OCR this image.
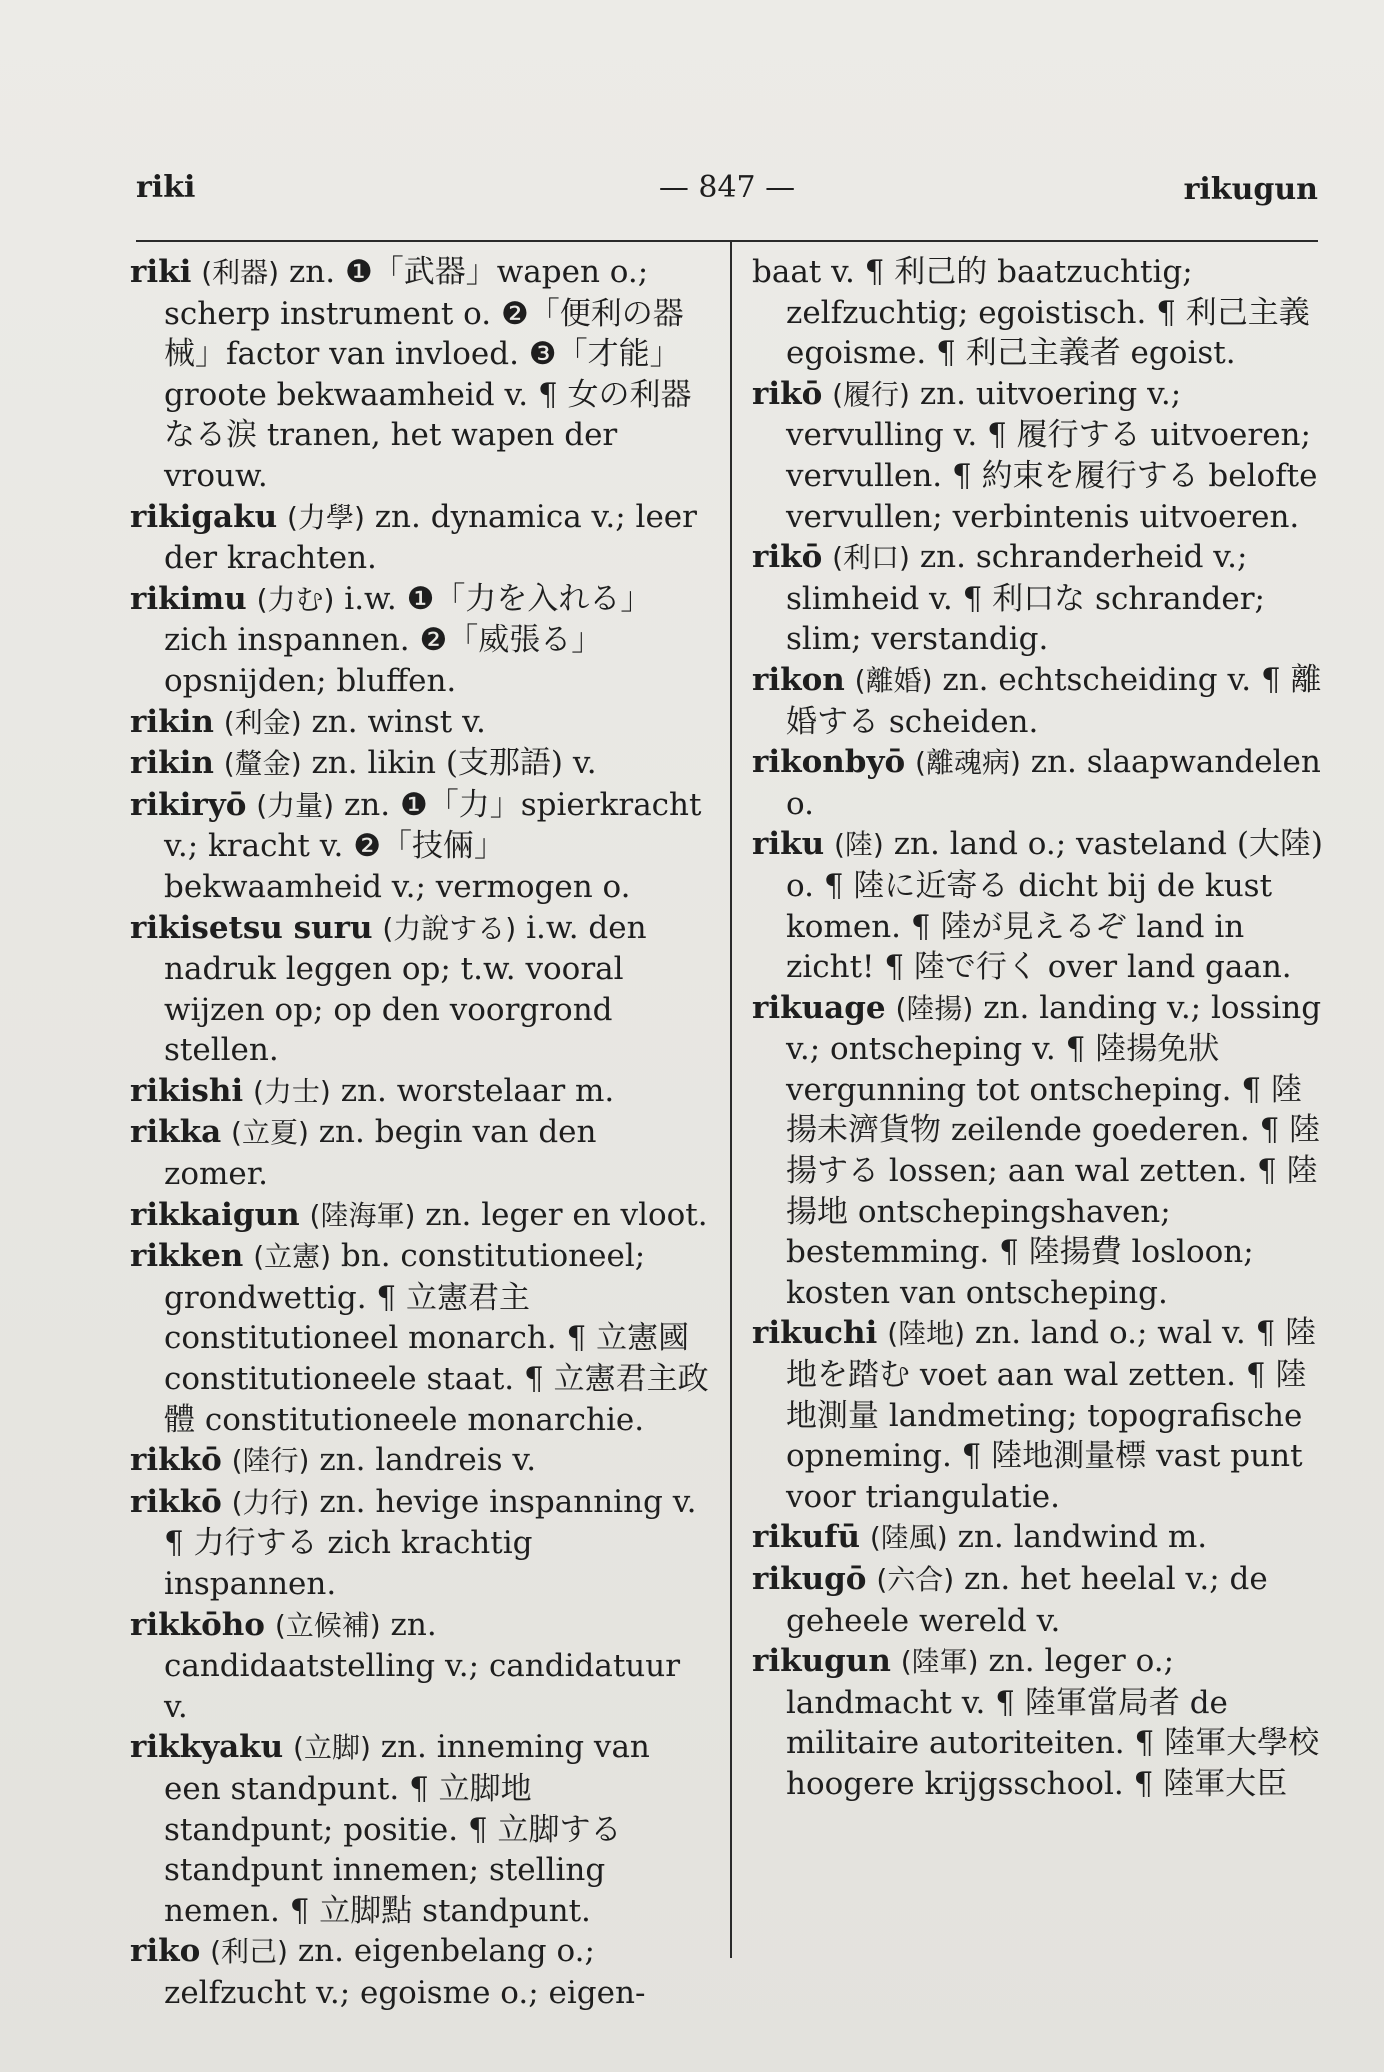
riki	— 847 —	rikugun

riki (利器) zn. ❶「武器」wapen o.; scherp instrument o. ❷「便利の器械」factor van invloed. ❸「才能」groote bekwaamheid v. ¶ 女の利器なる涙 tranen, het wapen der vrouw.

rikigaku (力學) zn. dynamica v.; leer der krachten.

rikimu (力む) i.w. ❶「力を入れる」zich inspannen. ❷「威張る」opsnijden; bluffen.

rikin (利金) zn. winst v.

rikin (釐金) zn. likin (支那語) v.

rikiryō (力量) zn. ❶「力」spierkracht v.; kracht v. ❷「技倆」bekwaamheid v.; vermogen o.

rikisetsu suru (力說する) i.w. den nadruk leggen op; t.w. vooral wijzen op; op den voorgrond stellen.

rikishi (力士) zn. worstelaar m.

rikka (立夏) zn. begin van den zomer.

rikkaigun (陸海軍) zn. leger en vloot.

rikken (立憲) bn. constitutioneel; grondwettig. ¶ 立憲君主 constitutioneel monarch. ¶ 立憲國 constitutioneele staat. ¶ 立憲君主政體 constitutioneele monarchie.

rikkō (陸行) zn. landreis v.

rikkō (力行) zn. hevige inspanning v. ¶ 力行する zich krachtig inspannen.

rikkōho (立候補) zn. candidaatstelling v.; candidatuur v.

rikkyaku (立脚) zn. inneming van een standpunt. ¶ 立脚地 standpunt; positie. ¶ 立脚する standpunt innemen; stelling nemen. ¶ 立脚點 standpunt.

riko (利己) zn. eigenbelang o.; zelfzucht v.; egoisme o.; eigen-

baat v. ¶ 利己的 baatzuchtig; zelfzuchtig; egoistisch. ¶ 利己主義 egoisme. ¶ 利己主義者 egoist.

rikō (履行) zn. uitvoering v.; vervulling v. ¶ 履行する uitvoeren; vervullen. ¶ 約束を履行する belofte vervullen; verbintenis uitvoeren.

rikō (利口) zn. schranderheid v.; slimheid v. ¶ 利口な schrander; slim; verstandig.

rikon (離婚) zn. echtscheiding v. ¶ 離婚する scheiden.

rikonbyō (離魂病) zn. slaapwandelen o.

riku (陸) zn. land o.; vasteland (大陸) o. ¶ 陸に近寄る dicht bij de kust komen. ¶ 陸が見えるぞ land in zicht! ¶ 陸で行く over land gaan.

rikuage (陸揚) zn. landing v.; lossing v.; ontscheping v. ¶ 陸揚免狀 vergunning tot ontscheping. ¶ 陸揚未濟貨物 zeilende goederen. ¶ 陸揚する lossen; aan wal zetten. ¶ 陸揚地 ontschepingshaven; bestemming. ¶ 陸揚費 losloon; kosten van ontscheping.

rikuchi (陸地) zn. land o.; wal v. ¶ 陸地を踏む voet aan wal zetten. ¶ 陸地測量 landmeting; topografische opneming. ¶ 陸地測量標 vast punt voor triangulatie.

rikufū (陸風) zn. landwind m.

rikugō (六合) zn. het heelal v.; de geheele wereld v.

rikugun (陸軍) zn. leger o.; landmacht v. ¶ 陸軍當局者 de militaire autoriteiten. ¶ 陸軍大學校 hoogere krijgsschool. ¶ 陸軍大臣
